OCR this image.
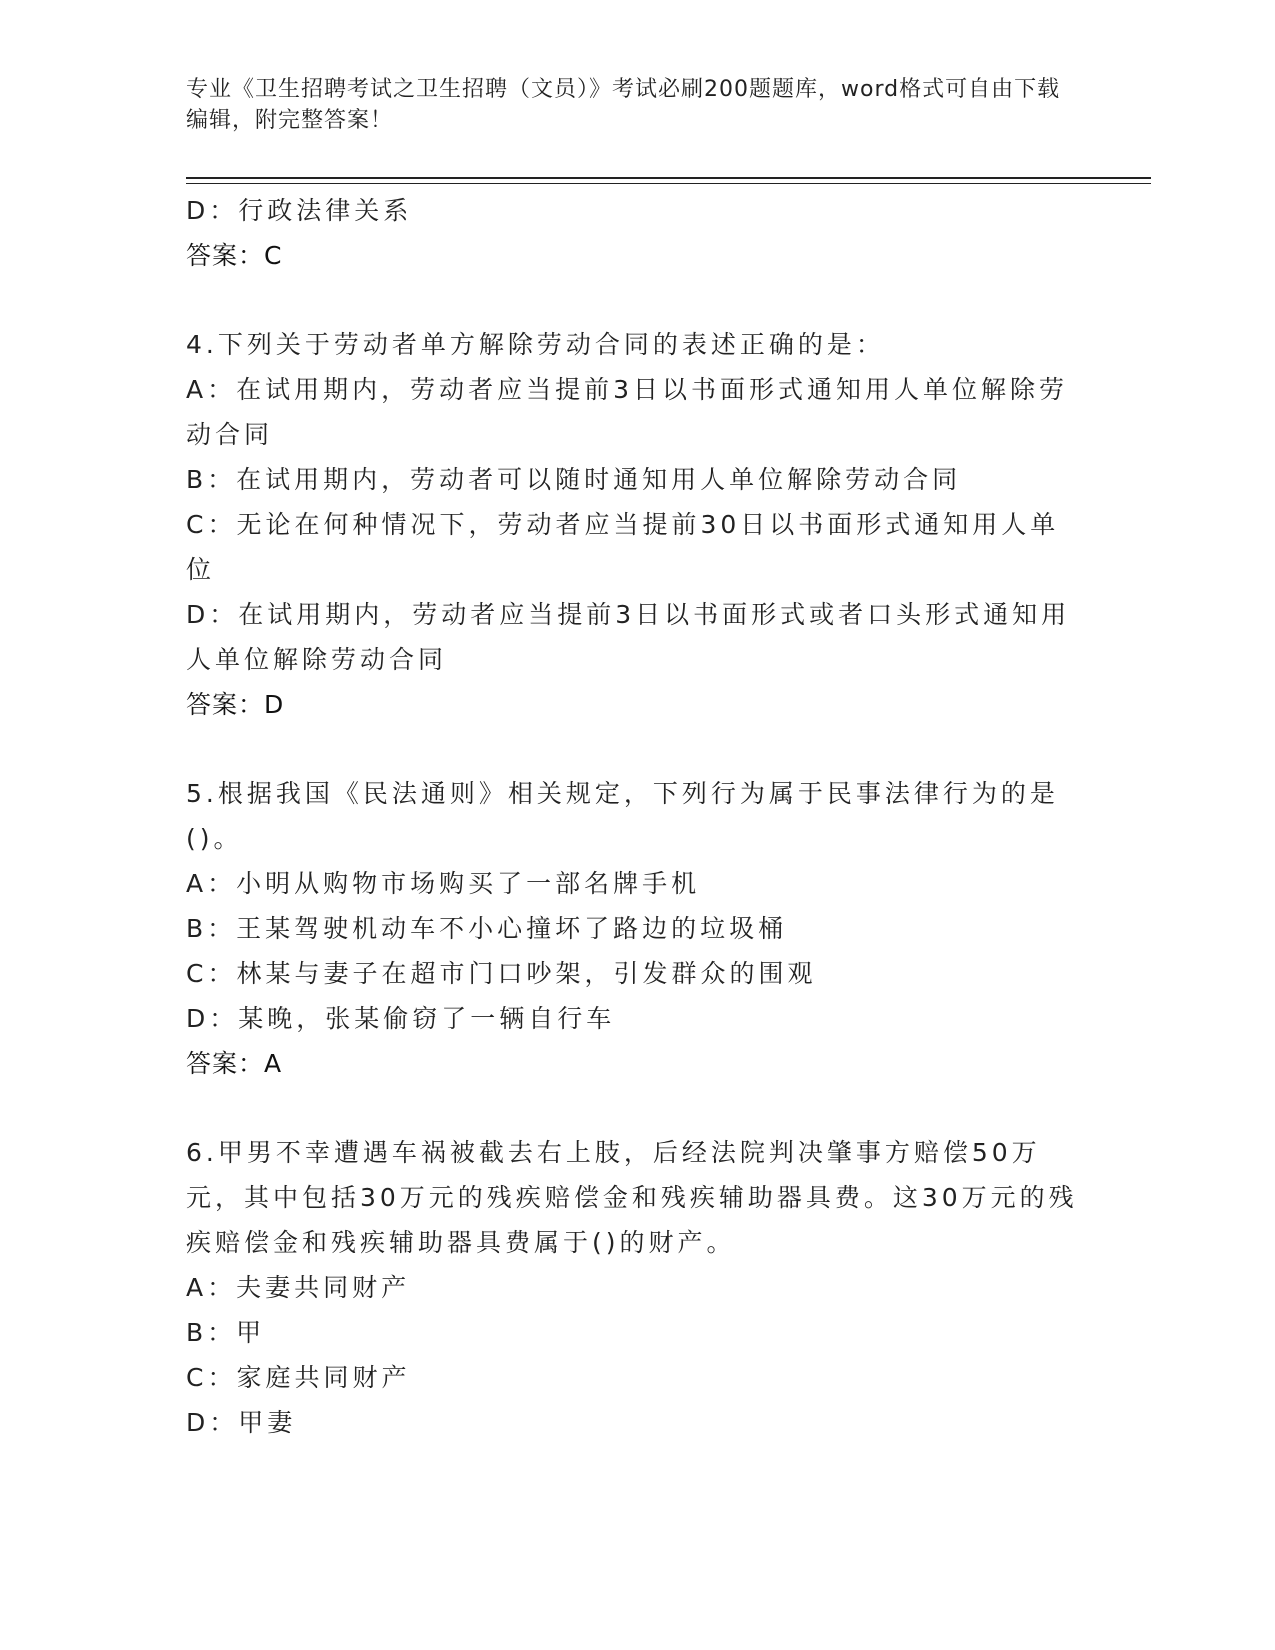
专业《卫生招聘考试之卫生招聘（文员）》考试必刷200题题库，word格式可自由下载编辑，附完整答案！
D：行政法律关系
答案：C
4.下列关于劳动者单方解除劳动合同的表述正确的是：
A：在试用期内，劳动者应当提前3日以书面形式通知用人单位解除劳动合同
B：在试用期内，劳动者可以随时通知用人单位解除劳动合同
C：无论在何种情况下，劳动者应当提前30日以书面形式通知用人单位
D：在试用期内，劳动者应当提前3日以书面形式或者口头形式通知用人单位解除劳动合同
答案：D
5.根据我国《民法通则》相关规定，下列行为属于民事法律行为的是()。
A：小明从购物市场购买了一部名牌手机
B：王某驾驶机动车不小心撞坏了路边的垃圾桶
C：林某与妻子在超市门口吵架，引发群众的围观
D：某晚，张某偷窃了一辆自行车
答案：A
6.甲男不幸遭遇车祸被截去右上肢，后经法院判决肇事方赔偿50万元，其中包括30万元的残疾赔偿金和残疾辅助器具费。这30万元的残疾赔偿金和残疾辅助器具费属于()的财产。
A：夫妻共同财产
B：甲
C：家庭共同财产
D：甲妻
